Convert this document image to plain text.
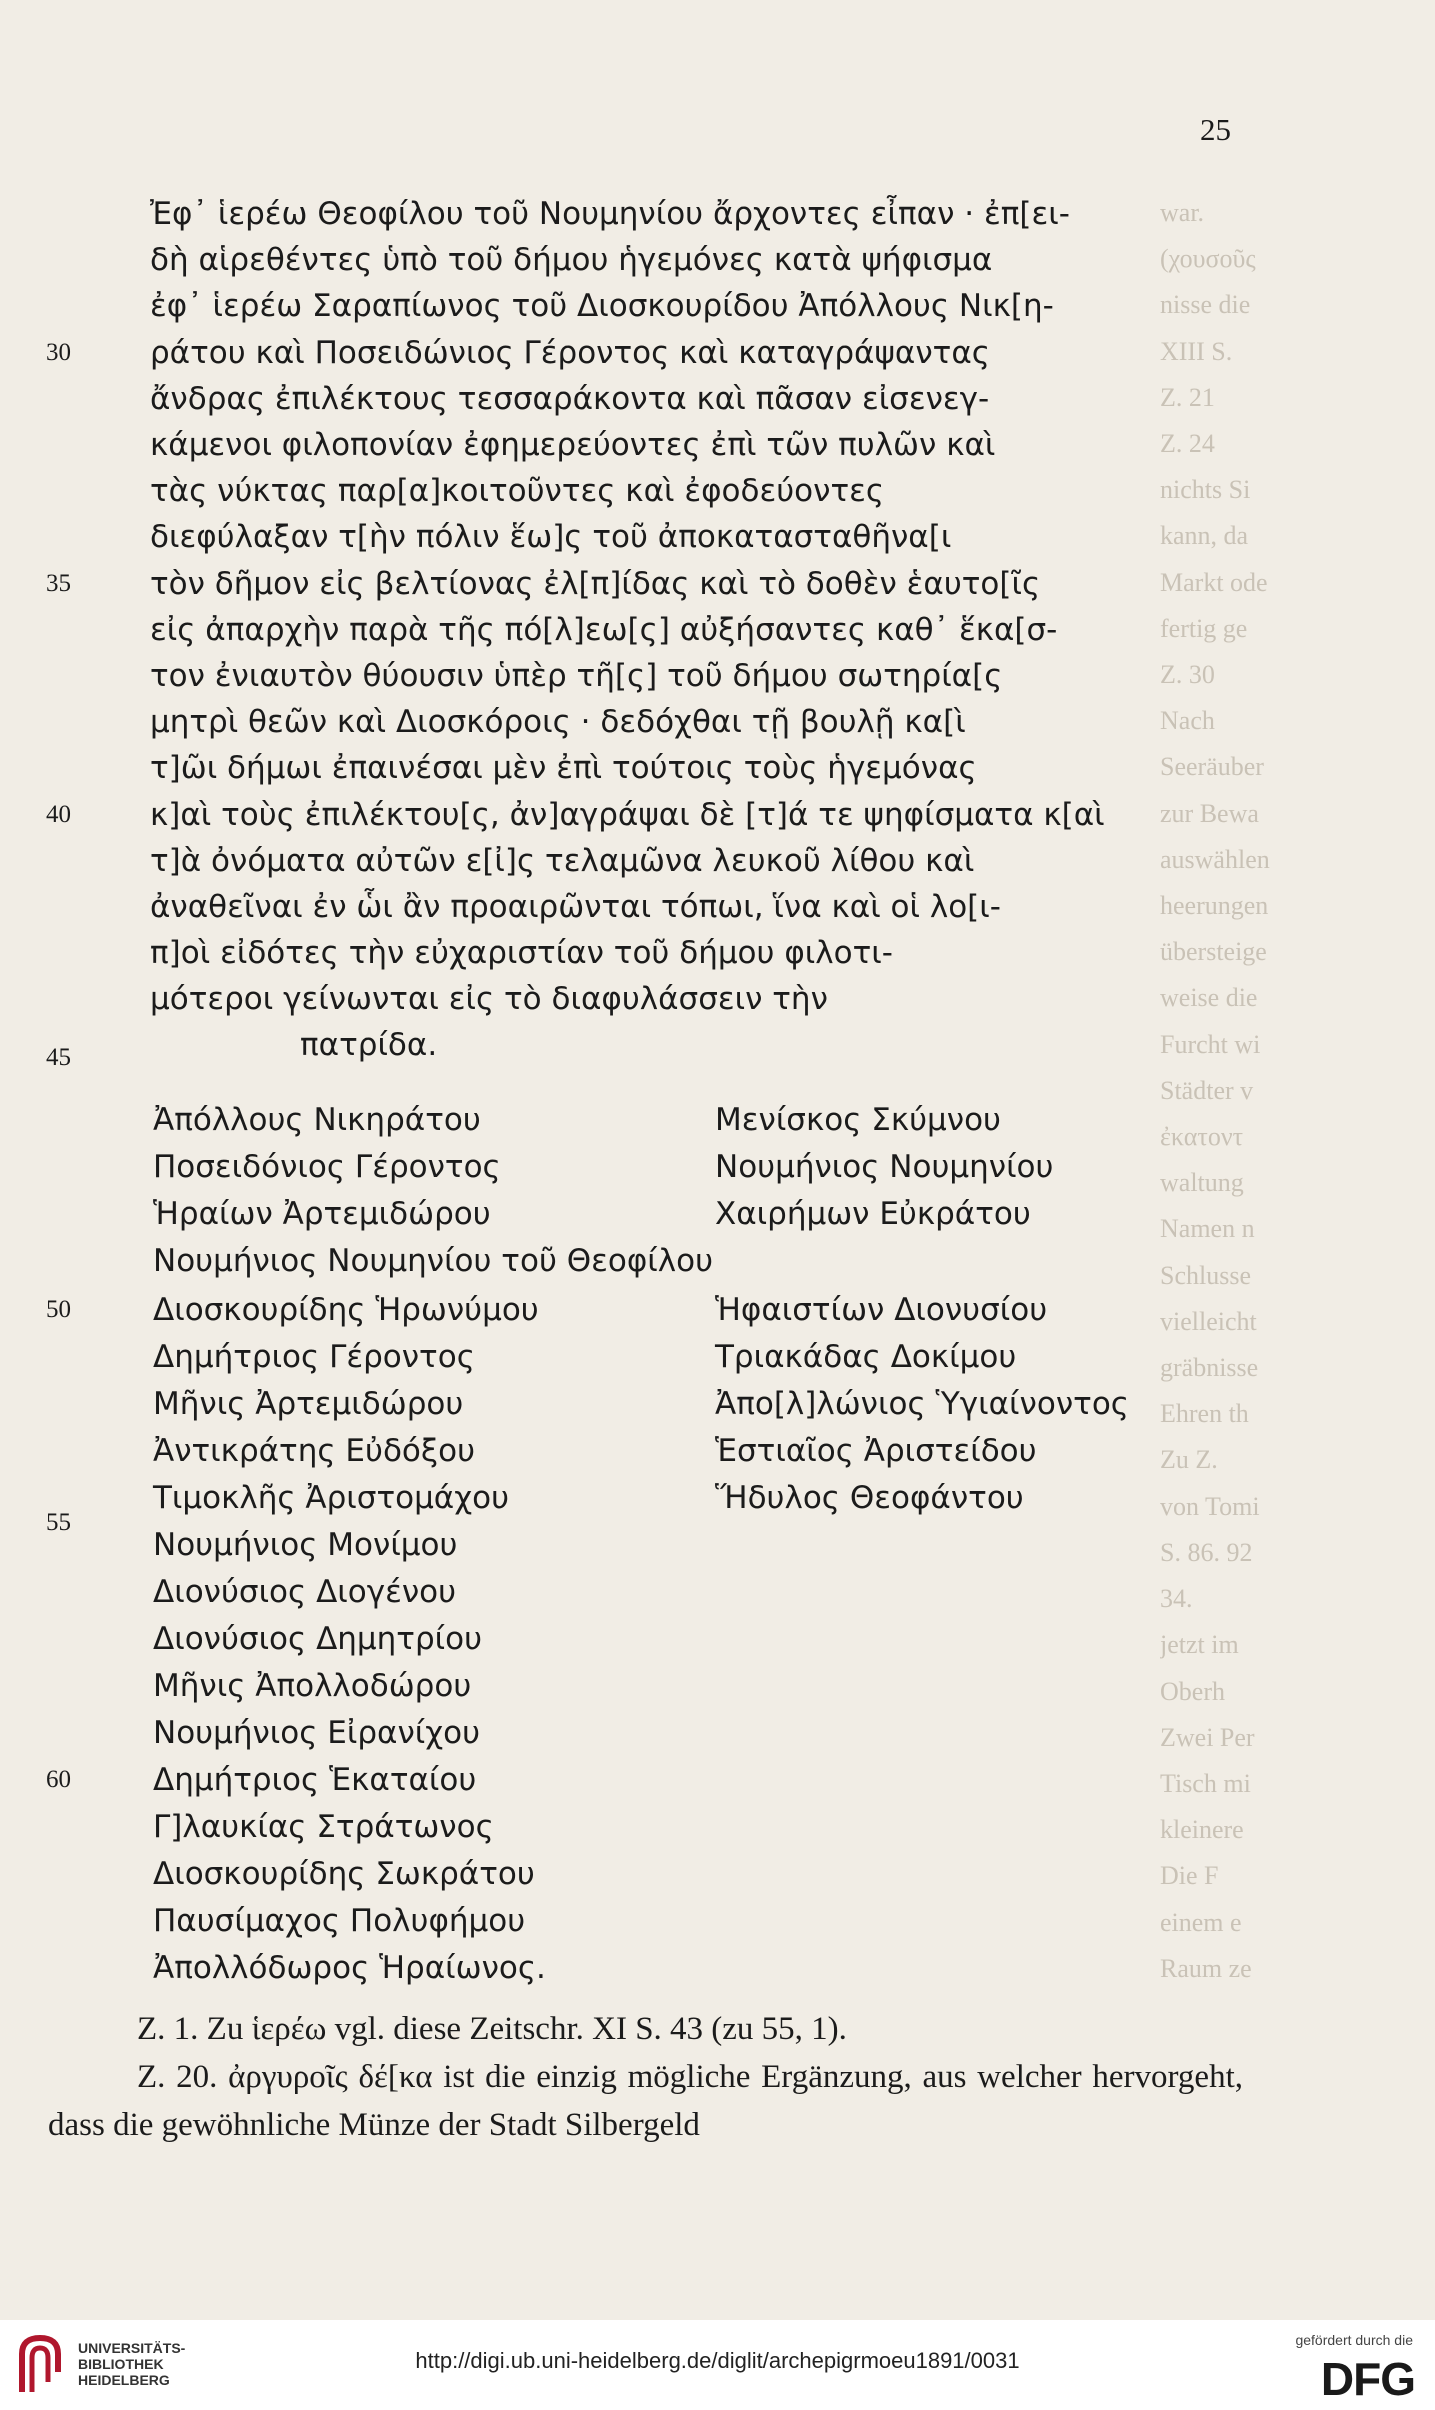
25
war.
(χουσοῦς
nisse die
XIII S.
Z. 21
Z. 24
nichts Si
kann, da
Markt ode
fertig ge
Z. 30
Nach
Seeräuber
zur Bewa
auswählen
heerungen
übersteige
weise die
Furcht wi
Städter v
ἐκατοντ
waltung
Namen n
Schlusse
vielleicht
gräbnisse
Ehren th
Zu Z.
von Tomi
S. 86. 92
34.
jetzt im
Oberh
Zwei Per
Tisch mi
kleinere
Die F
einem e
Raum ze
Ἐφ᾽ ἱερέω Θεοφίλου τοῦ Νουμηνίου ἄρχοντες εἶπαν · ἐπ[ει-
δὴ αἱρεθέντες ὑπὸ τοῦ δήμου ἡγεμόνες κατὰ ψήφισμα
ἐφ᾽ ἱερέω Σαραπίωνος τοῦ Διοσκουρίδου Ἀπόλλους Νικ[η-
ράτου καὶ Ποσειδώνιος Γέροντος καὶ καταγράψαντας
ἄνδρας ἐπιλέκτους τεσσαράκοντα καὶ πᾶσαν εἰσενεγ-
κάμενοι φιλοπονίαν ἐφημερεύοντες ἐπὶ τῶν πυλῶν καὶ
τὰς νύκτας παρ[α]κοιτοῦντες καὶ ἐφοδεύοντες
διεφύλαξαν τ[ὴν πόλιν ἕω]ς τοῦ ἀποκατασταθῆνα[ι
τὸν δῆμον εἰς βελτίονας ἐλ[π]ίδας καὶ τὸ δοθὲν ἑαυτο[ῖς
εἰς ἀπαρχὴν παρὰ τῆς πό[λ]εω[ς] αὐξήσαντες καθ᾽ ἕκα[σ-
τον ἐνιαυτὸν θύουσιν ὑπὲρ τῆ[ς] τοῦ δήμου σωτηρία[ς
μητρὶ θεῶν καὶ Διοσκόροις · δεδόχθαι τῇ βουλῇ κα[ὶ
τ]ῶι δήμωι ἐπαινέσαι μὲν ἐπὶ τούτοις τοὺς ἡγεμόνας
κ]αὶ τοὺς ἐπιλέκτου[ς, ἀν]αγράψαι δὲ [τ]ά τε ψηφίσματα κ[αὶ
τ]ὰ ὀνόματα αὐτῶν ε[ἰ]ς τελαμῶνα λευκοῦ λίθου καὶ
ἀναθεῖναι ἐν ὧι ἂν προαιρῶνται τόπωι, ἵνα καὶ οἱ λο[ι-
π]οὶ εἰδότες τὴν εὐχαριστίαν τοῦ δήμου φιλοτι-
μότεροι γείνωνται εἰς τὸ διαφυλάσσειν τὴν
πατρίδα.
30
35
40
45
50
55
60
Ἀπόλλους Νικηράτου
Ποσειδόνιος Γέροντος
Ἡραίων Ἀρτεμιδώρου
Νουμήνιος Νουμηνίου τοῦ Θεοφίλου
Διοσκουρίδης Ἡρωνύμου
Δημήτριος Γέροντος
Μῆνις Ἀρτεμιδώρου
Ἀντικράτης Εὐδόξου
Τιμοκλῆς Ἀριστομάχου
Νουμήνιος Μονίμου
Διονύσιος Διογένου
Διονύσιος Δημητρίου
Μῆνις Ἀπολλοδώρου
Νουμήνιος Εἰρανίχου
Δημήτριος Ἑκαταίου
Γ]λαυκίας Στράτωνος
Διοσκουρίδης Σωκράτου
Παυσίμαχος Πολυφήμου
Ἀπολλόδωρος Ἡραίωνος.
Μενίσκος Σκύμνου
Νουμήνιος Νουμηνίου
Χαιρήμων Εὐκράτου
Ἡφαιστίων Διονυσίου
Τριακάδας Δοκίμου
Ἀπο[λ]λώνιος Ὑγιαίνοντος
Ἑστιαῖος Ἀριστείδου
Ἥδυλος Θεοφάντου

Z. 1. Zu ἱερέω vgl. diese Zeitschr. XI S. 43 (zu 55, 1).

Z. 20. ἀργυροῖς δέ[κα ist die einzig mögliche Ergänzung, aus welcher hervorgeht, dass die gewöhnliche Münze der Stadt Silbergeld

UNIVERSITÄTS-
BIBLIOTHEK
HEIDELBERG
http://digi.ub.uni-heidelberg.de/diglit/archepigrmoeu1891/0031
gefördert durch die
DFG
